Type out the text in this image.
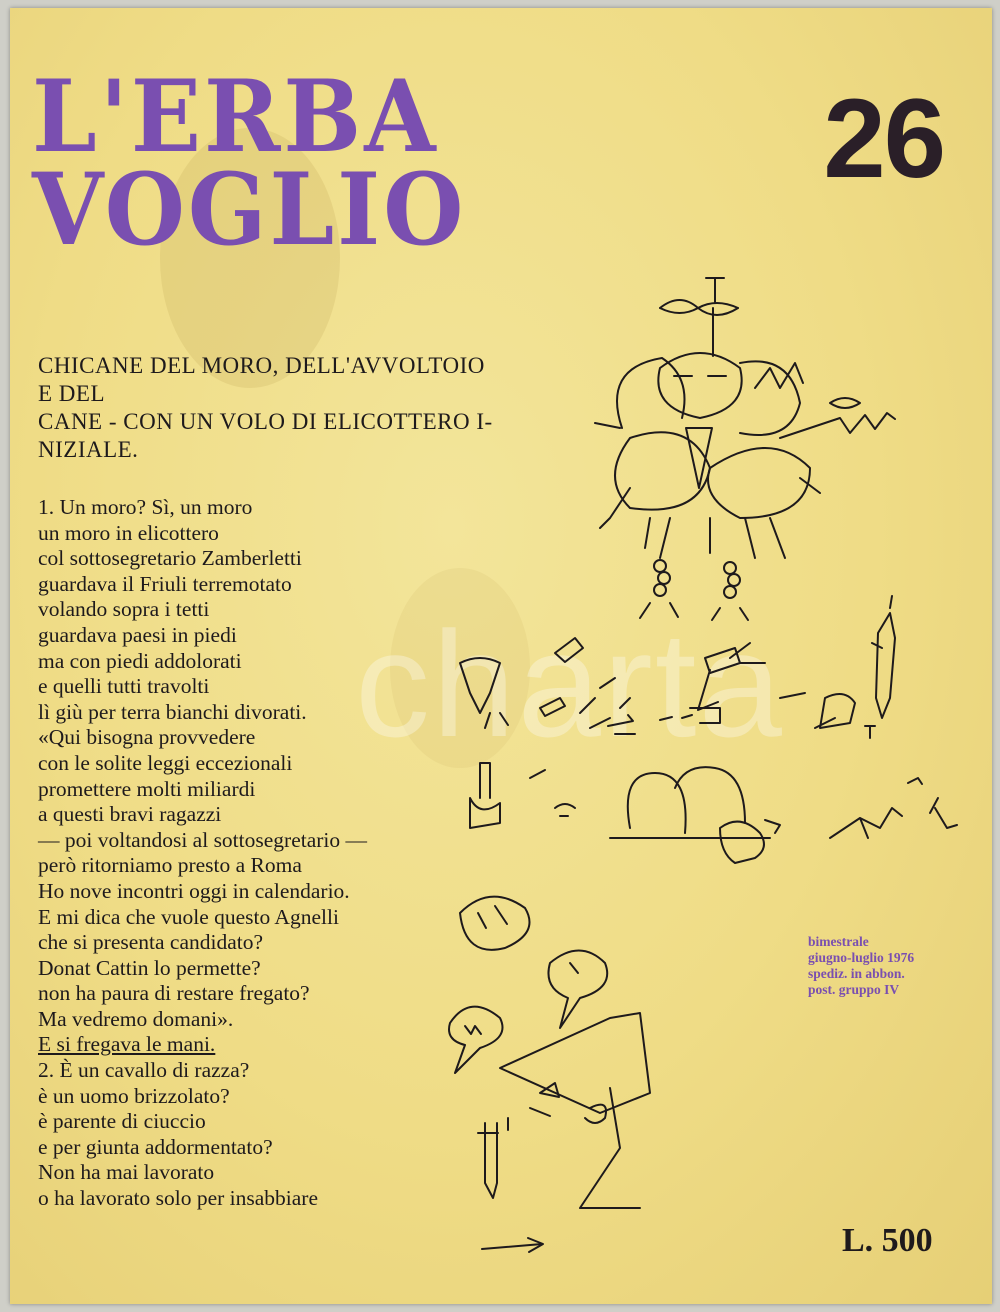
L'ERBA
VOGLIO
26
charta
CHICANE DEL MORO, DELL'AVVOLTOIO
E DEL
CANE - CON UN VOLO DI ELICOTTERO I-
NIZIALE.
1. Un moro? Sì, un moro
un moro in elicottero
col sottosegretario Zamberletti
guardava il Friuli terremotato
volando sopra i tetti
guardava paesi in piedi
ma con piedi addolorati
e quelli tutti travolti
lì giù per terra bianchi divorati.
«Qui bisogna provvedere
con le solite leggi eccezionali
promettere molti miliardi
a questi bravi ragazzi
— poi voltandosi al sottosegretario —
però ritorniamo presto a Roma
Ho nove incontri oggi in calendario.
E mi dica che vuole questo Agnelli
che si presenta candidato?
Donat Cattin lo permette?
non ha paura di restare fregato?
Ma vedremo domani».
E si fregava le mani.
2. È un cavallo di razza?
è un uomo brizzolato?
è parente di ciuccio
e per giunta addormentato?
Non ha mai lavorato
o ha lavorato solo per insabbiare
bimestrale
giugno-luglio 1976
spediz. in abbon.
post. gruppo IV
L. 500
